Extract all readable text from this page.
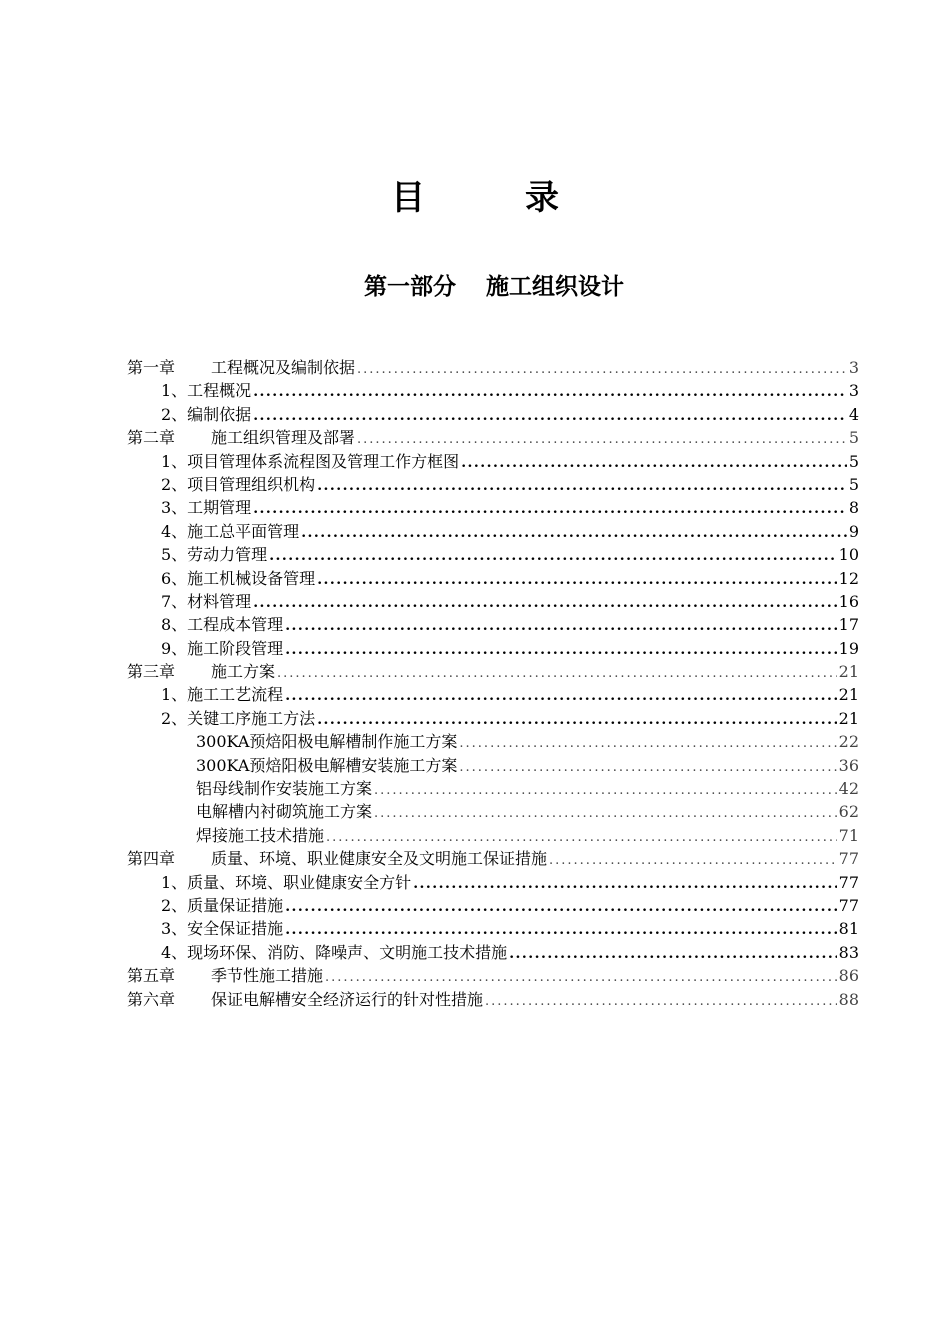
目	录
第一部分 施工组织设计
第一章 工程概况及编制依据 .....	3
1、工程概况 .....	3
2、编制依据 .....	4
第二章 施工组织管理及部署 .....	5
1、项目管理体系流程图及管理工作方框图 .....	5
2、项目管理组织机构 .....	5
3、工期管理 .....	8
4、施工总平面管理 .....	9
5、劳动力管理 .....	10
6、施工机械设备管理 .....	12
7、材料管理 .....	16
8、工程成本管理 .....	17
9、施工阶段管理 .....	19
第三章 施工方案 .....	21
1、施工工艺流程 .....	21
2、关键工序施工方法 .....	21
300KA预焙阳极电解槽制作施工方案 .....	22
300KA预焙阳极电解槽安装施工方案 .....	36
铝母线制作安装施工方案 .....	42
电解槽内衬砌筑施工方案 .....	62
焊接施工技术措施 .....	71
第四章 质量、环境、职业健康安全及文明施工保证措施 .....	77
1、质量、环境、职业健康安全方针 .....	77
2、质量保证措施 .....	77
3、安全保证措施 .....	81
4、现场环保、消防、降噪声、文明施工技术措施 .....	83
第五章 季节性施工措施 .....	86
第六章 保证电解槽安全经济运行的针对性措施 .....	88
